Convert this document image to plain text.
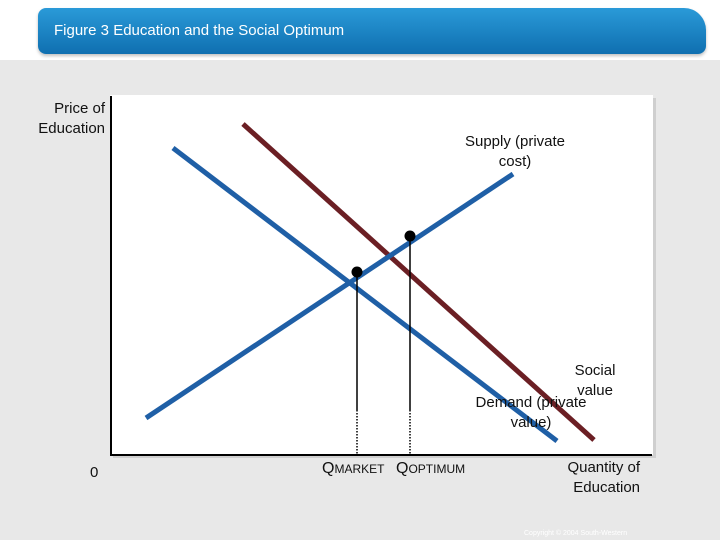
Figure 3 Education and the Social Optimum
Price of Education
Supply (private cost)
Social value
Demand (private value)
0	QMARKET QOPTIMUM	Quantity of Education
Copyright © 2004 South-Western
